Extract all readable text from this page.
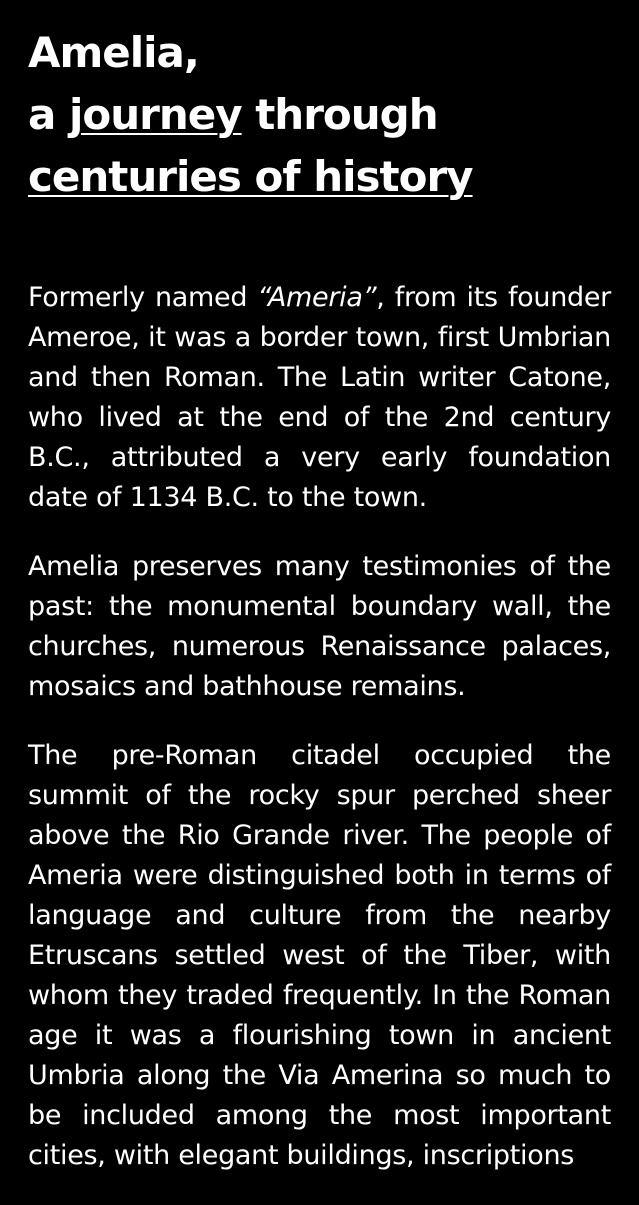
Amelia,
a journey through
centuries of history

Formerly named “Ameria”, from its founder Ameroe, it was a border town, first Umbrian and then Roman. The Latin writer Catone, who lived at the end of the 2nd century B.C., attributed a very early foundation date of 1134 B.C. to the town.

Amelia preserves many testimonies of the past: the monumental boundary wall, the churches, numerous Renaissance palaces, mosaics and bathhouse remains.

The pre-Roman citadel occupied the summit of the rocky spur perched sheer above the Rio Grande river. The people of Ameria were distinguished both in terms of language and culture from the nearby Etruscans settled west of the Tiber, with whom they traded frequently. In the Roman age it was a flourishing town in ancient Umbria along the Via Amerina so much to be included among the most important cities, with elegant buildings, inscriptions
